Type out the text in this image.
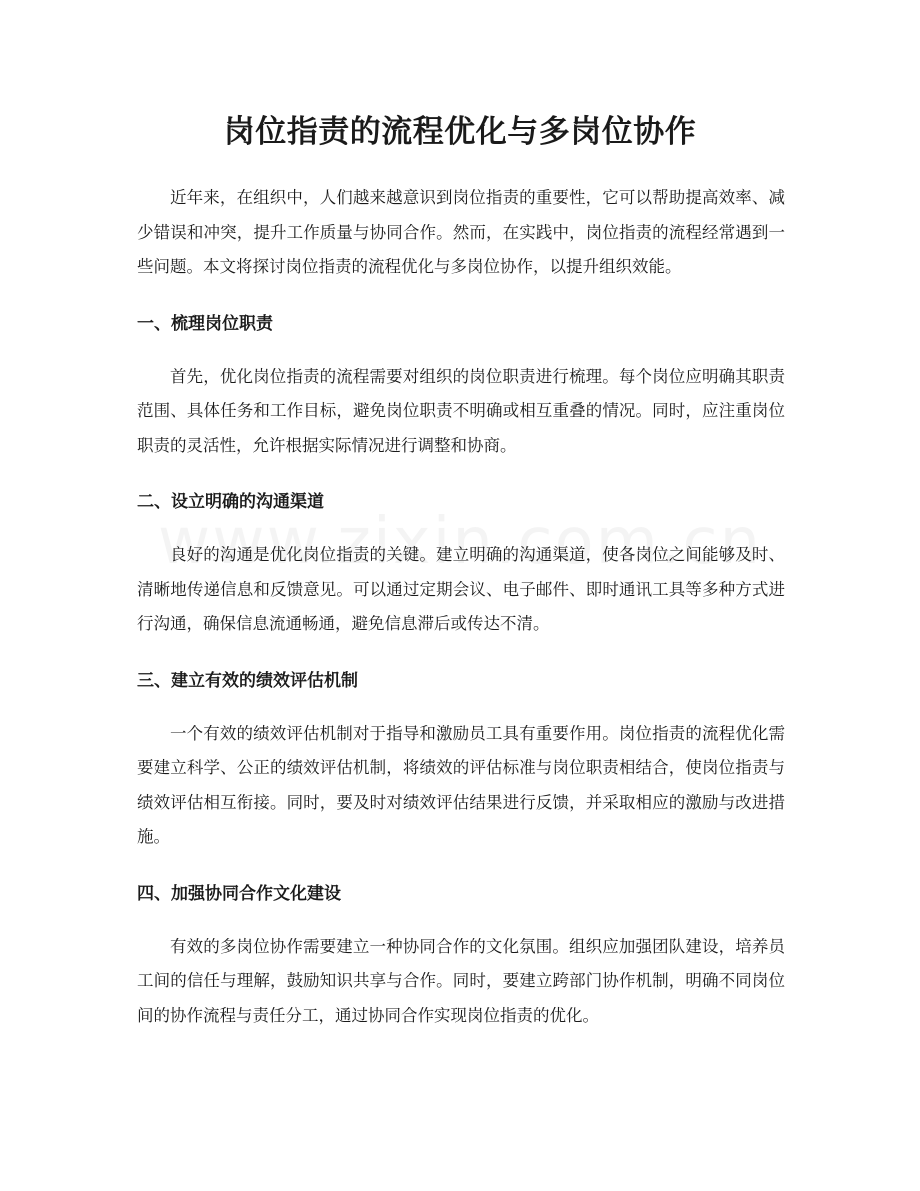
岗位指责的流程优化与多岗位协作

近年来，在组织中，人们越来越意识到岗位指责的重要性，它可以帮助提高效率、减少错误和冲突，提升工作质量与协同合作。然而，在实践中，岗位指责的流程经常遇到一些问题。本文将探讨岗位指责的流程优化与多岗位协作，以提升组织效能。

一、梳理岗位职责

首先，优化岗位指责的流程需要对组织的岗位职责进行梳理。每个岗位应明确其职责范围、具体任务和工作目标，避免岗位职责不明确或相互重叠的情况。同时，应注重岗位职责的灵活性，允许根据实际情况进行调整和协商。

二、设立明确的沟通渠道

良好的沟通是优化岗位指责的关键。建立明确的沟通渠道，使各岗位之间能够及时、清晰地传递信息和反馈意见。可以通过定期会议、电子邮件、即时通讯工具等多种方式进行沟通，确保信息流通畅通，避免信息滞后或传达不清。

三、建立有效的绩效评估机制

一个有效的绩效评估机制对于指导和激励员工具有重要作用。岗位指责的流程优化需要建立科学、公正的绩效评估机制，将绩效的评估标准与岗位职责相结合，使岗位指责与绩效评估相互衔接。同时，要及时对绩效评估结果进行反馈，并采取相应的激励与改进措施。

四、加强协同合作文化建设

有效的多岗位协作需要建立一种协同合作的文化氛围。组织应加强团队建设，培养员工间的信任与理解，鼓励知识共享与合作。同时，要建立跨部门协作机制，明确不同岗位间的协作流程与责任分工，通过协同合作实现岗位指责的优化。
